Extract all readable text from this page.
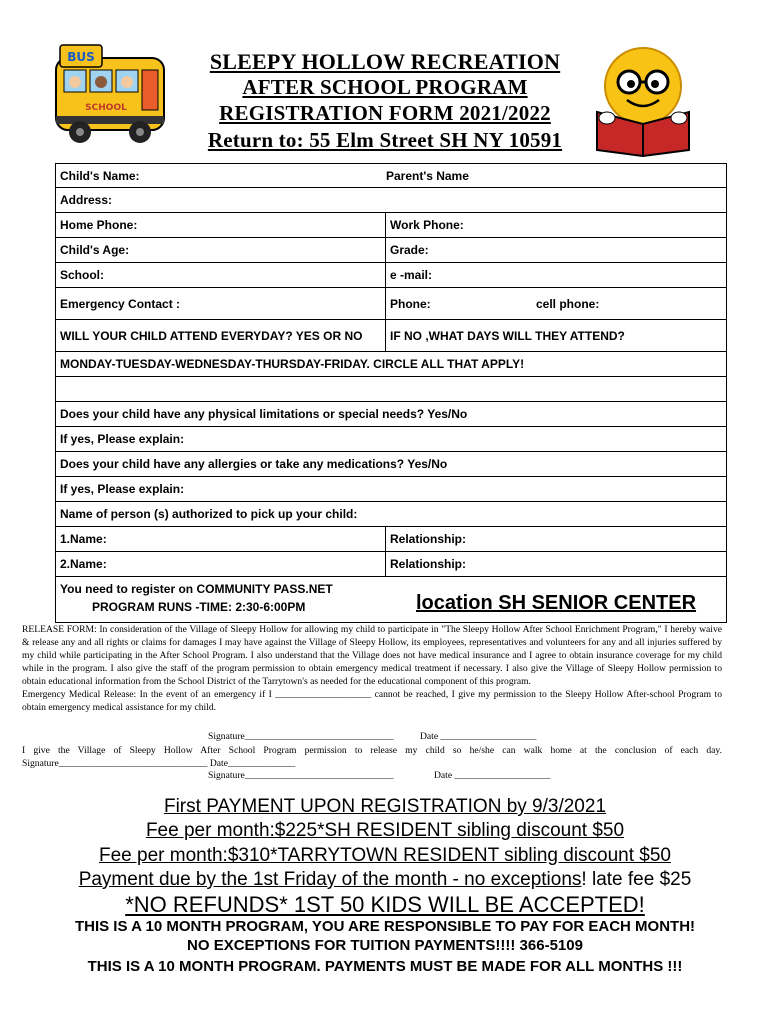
BUS
SCHOOL
SLEEPY HOLLOW RECREATION
AFTER SCHOOL PROGRAM
REGISTRATION FORM 2021/2022
Return to: 55 Elm Street SH NY 10591
Child's Name:	Parent's Name
Address:
Home Phone:	Work Phone:
Child's Age:	Grade:
School:	e -mail:
Emergency Contact :	Phone:	cell phone:
WILL YOUR CHILD ATTEND EVERYDAY? YES OR NO	IF NO ,WHAT DAYS WILL THEY ATTEND?
MONDAY-TUESDAY-WEDNESDAY-THURSDAY-FRIDAY. CIRCLE ALL THAT APPLY!
Does your child have any physical limitations or special needs? Yes/No
If yes, Please explain:
Does your child have any allergies or take any medications? Yes/No
If yes, Please explain:
Name of person (s) authorized to pick up your child:
1.Name:	Relationship:
2.Name:	Relationship:
You need to register on COMMUNITY PASS.NET
PROGRAM RUNS -TIME: 2:30-6:00PM	location SH SENIOR CENTER

RELEASE FORM: In consideration of the Village of Sleepy Hollow for allowing my child to participate in "The Sleepy Hollow After School Enrichment Program," I hereby waive & release any and all rights or claims for damages I may have against the Village of Sleepy Hollow, its employees, representatives and volunteers for any and all injuries suffered by my child while participating in the After School Program. I also understand that the Village does not have medical insurance and I agree to obtain insurance coverage for my child while in the program. I also give the staff of the program permission to obtain emergency medical treatment if necessary. I also give the Village of Sleepy Hollow permission to obtain educational information from the School District of the Tarrytown's as needed for the educational component of this program.

Emergency Medical Release: In the event of an emergency if I ____________________ cannot be reached, I give my permission to the Sleepy Hollow After-school Program to obtain emergency medical assistance for my child.

Signature_______________________________	Date ____________________

I give the Village of Sleepy Hollow After School Program permission to release my child so he/she can walk home at the conclusion of each day. Signature_______________________________ Date______________

Signature_______________________________	Date ____________________
First PAYMENT UPON REGISTRATION by 9/3/2021
Fee per month:$225*SH RESIDENT sibling discount $50
Fee per month:$310*TARRYTOWN RESIDENT sibling discount $50
Payment due by the 1st Friday of the month - no exceptions! late fee $25
*NO REFUNDS* 1ST 50 KIDS WILL BE ACCEPTED!
THIS IS A 10 MONTH PROGRAM, YOU ARE RESPONSIBLE TO PAY FOR EACH MONTH!
NO EXCEPTIONS FOR TUITION PAYMENTS!!!! 366-5109
THIS IS A 10 MONTH PROGRAM. PAYMENTS MUST BE MADE FOR ALL MONTHS !!!
